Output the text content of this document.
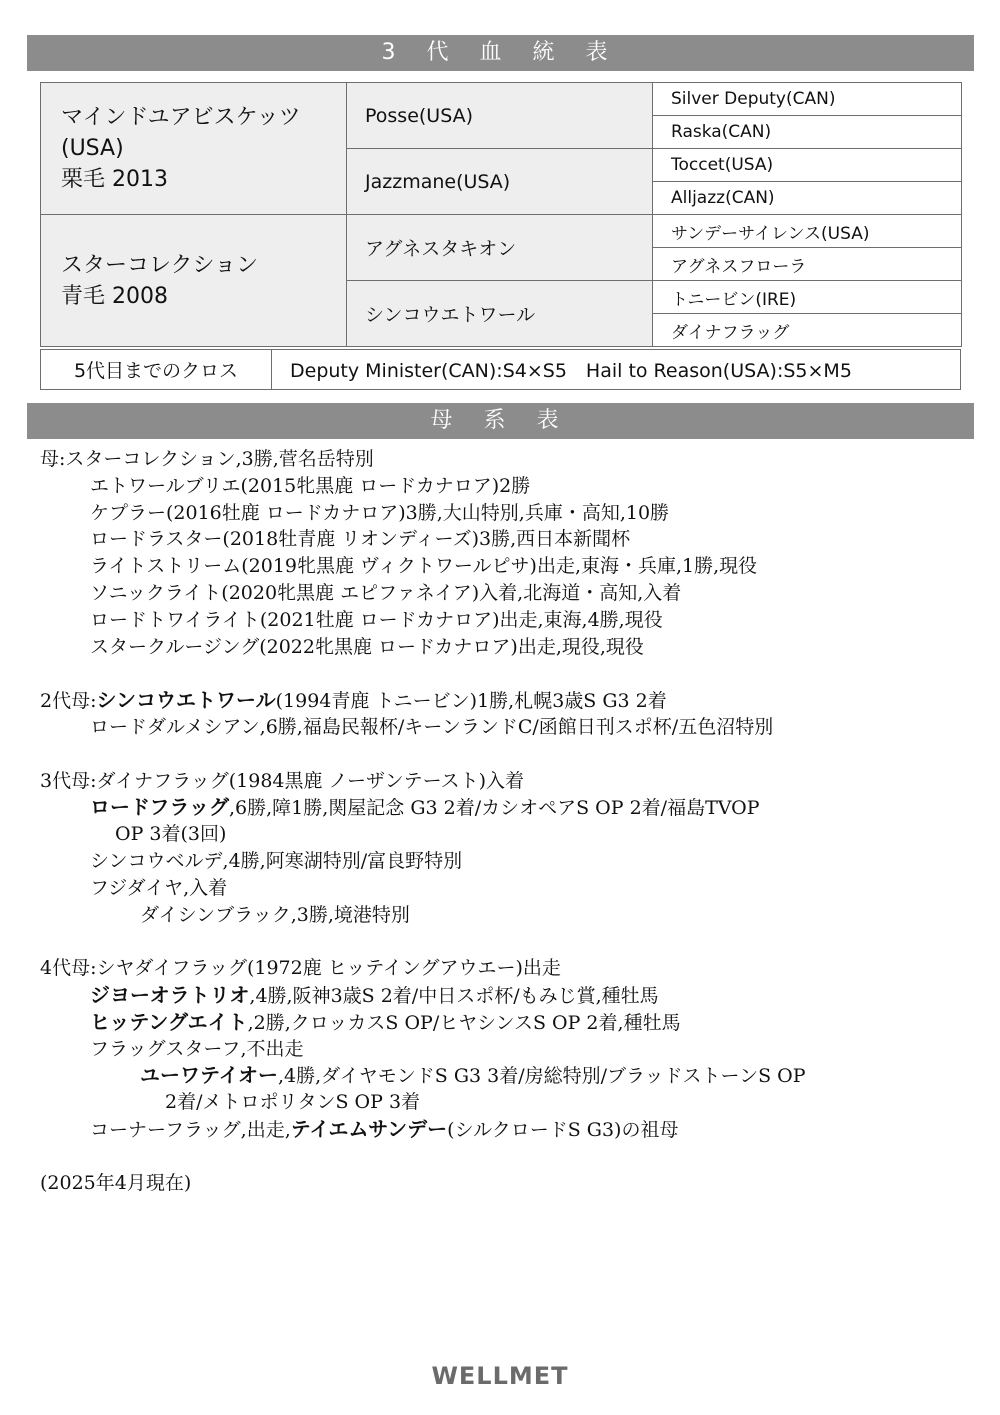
3 代 血 統 表
マインドユアビスケッツ
(USA)
栗毛 2013	Posse(USA)	Silver Deputy(CAN)
		Raska(CAN)
	Jazzmane(USA)	Toccet(USA)
		Alljazz(CAN)

スターコレクション
青毛 2008	アグネスタキオン	サンデーサイレンス(USA)
		アグネスフローラ
	シンコウエトワール	トニービン(IRE)
		ダイナフラッグ
5代目までのクロス	Deputy Minister(CAN):S4×S5　Hail to Reason(USA):S5×M5
母 系 表
母:スターコレクション,3勝,菅名岳特別
エトワールブリエ(2015牝黒鹿 ロードカナロア)2勝
ケプラー(2016牡鹿 ロードカナロア)3勝,大山特別,兵庫・高知,10勝
ロードラスター(2018牡青鹿 リオンディーズ)3勝,西日本新聞杯
ライトストリーム(2019牝黒鹿 ヴィクトワールピサ)出走,東海・兵庫,1勝,現役
ソニックライト(2020牝黒鹿 エピファネイア)入着,北海道・高知,入着
ロードトワイライト(2021牡鹿 ロードカナロア)出走,東海,4勝,現役
スタークルージング(2022牝黒鹿 ロードカナロア)出走,現役,現役
2代母:シンコウエトワール(1994青鹿 トニービン)1勝,札幌3歳S G3 2着
ロードダルメシアン,6勝,福島民報杯/キーンランドC/函館日刊スポ杯/五色沼特別
3代母:ダイナフラッグ(1984黒鹿 ノーザンテースト)入着
ロードフラッグ,6勝,障1勝,関屋記念 G3 2着/カシオペアS OP 2着/福島TVOP
OP 3着(3回)
シンコウベルデ,4勝,阿寒湖特別/富良野特別
フジダイヤ,入着
ダイシンブラック,3勝,境港特別
4代母:シヤダイフラッグ(1972鹿 ヒッテイングアウエー)出走
ジヨーオラトリオ,4勝,阪神3歳S 2着/中日スポ杯/もみじ賞,種牡馬
ヒッテングエイト,2勝,クロッカスS OP/ヒヤシンスS OP 2着,種牡馬
フラッグスターフ,不出走
ユーワテイオー,4勝,ダイヤモンドS G3 3着/房総特別/ブラッドストーンS OP
2着/メトロポリタンS OP 3着
コーナーフラッグ,出走,テイエムサンデー(シルクロードS G3)の祖母
(2025年4月現在)
WELLMET
